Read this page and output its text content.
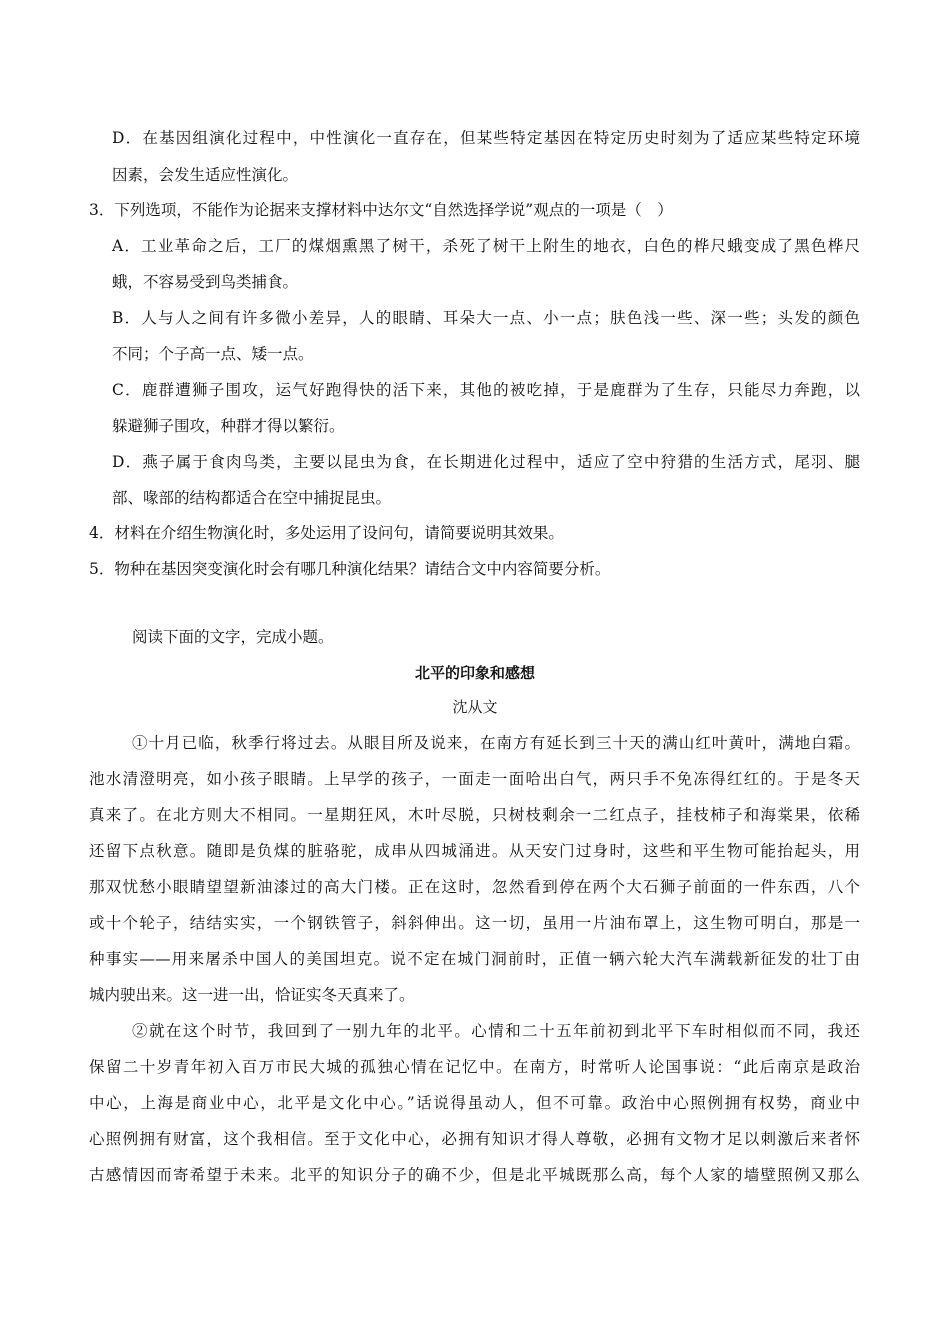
D．在基因组演化过程中，中性演化一直存在，但某些特定基因在特定历史时刻为了适应某些特定环境
因素，会发生适应性演化。
3．下列选项，不能作为论据来支撑材料中达尔文“自然选择学说”观点的一项是（　）
A．工业革命之后，工厂的煤烟熏黑了树干，杀死了树干上附生的地衣，白色的桦尺蛾变成了黑色桦尺
蛾，不容易受到鸟类捕食。
B．人与人之间有许多微小差异，人的眼睛、耳朵大一点、小一点；肤色浅一些、深一些；头发的颜色
不同；个子高一点、矮一点。
C．鹿群遭狮子围攻，运气好跑得快的活下来，其他的被吃掉，于是鹿群为了生存，只能尽力奔跑，以
躲避狮子围攻，种群才得以繁衍。
D．燕子属于食肉鸟类，主要以昆虫为食，在长期进化过程中，适应了空中狩猎的生活方式，尾羽、腿
部、喙部的结构都适合在空中捕捉昆虫。
4．材料在介绍生物演化时，多处运用了设问句，请简要说明其效果。
5．物种在基因突变演化时会有哪几种演化结果？请结合文中内容简要分析。
阅读下面的文字，完成小题。
北平的印象和感想
沈从文
①十月已临，秋季行将过去。从眼目所及说来，在南方有延长到三十天的满山红叶黄叶，满地白霜。
池水清澄明亮，如小孩子眼睛。上早学的孩子，一面走一面哈出白气，两只手不免冻得红红的。于是冬天
真来了。在北方则大不相同。一星期狂风，木叶尽脱，只树枝剩余一二红点子，挂枝柿子和海棠果，依稀
还留下点秋意。随即是负煤的脏骆驼，成串从四城涌进。从天安门过身时，这些和平生物可能抬起头，用
那双忧愁小眼睛望望新油漆过的高大门楼。正在这时，忽然看到停在两个大石狮子前面的一件东西，八个
或十个轮子，结结实实，一个钢铁管子，斜斜伸出。这一切，虽用一片油布罩上，这生物可明白，那是一
种事实——用来屠杀中国人的美国坦克。说不定在城门洞前时，正值一辆六轮大汽车满载新征发的壮丁由
城内驶出来。这一进一出，恰证实冬天真来了。
②就在这个时节，我回到了一别九年的北平。心情和二十五年前初到北平下车时相似而不同，我还
保留二十岁青年初入百万市民大城的孤独心情在记忆中。在南方，时常听人论国事说：“此后南京是政治
中心，上海是商业中心，北平是文化中心。”话说得虽动人，但不可靠。政治中心照例拥有权势，商业中
心照例拥有财富，这个我相信。至于文化中心，必拥有知识才得人尊敬，必拥有文物才足以刺激后来者怀
古感情因而寄希望于未来。北平的知识分子的确不少，但是北平城既那么高，每个人家的墙壁照例又那么
